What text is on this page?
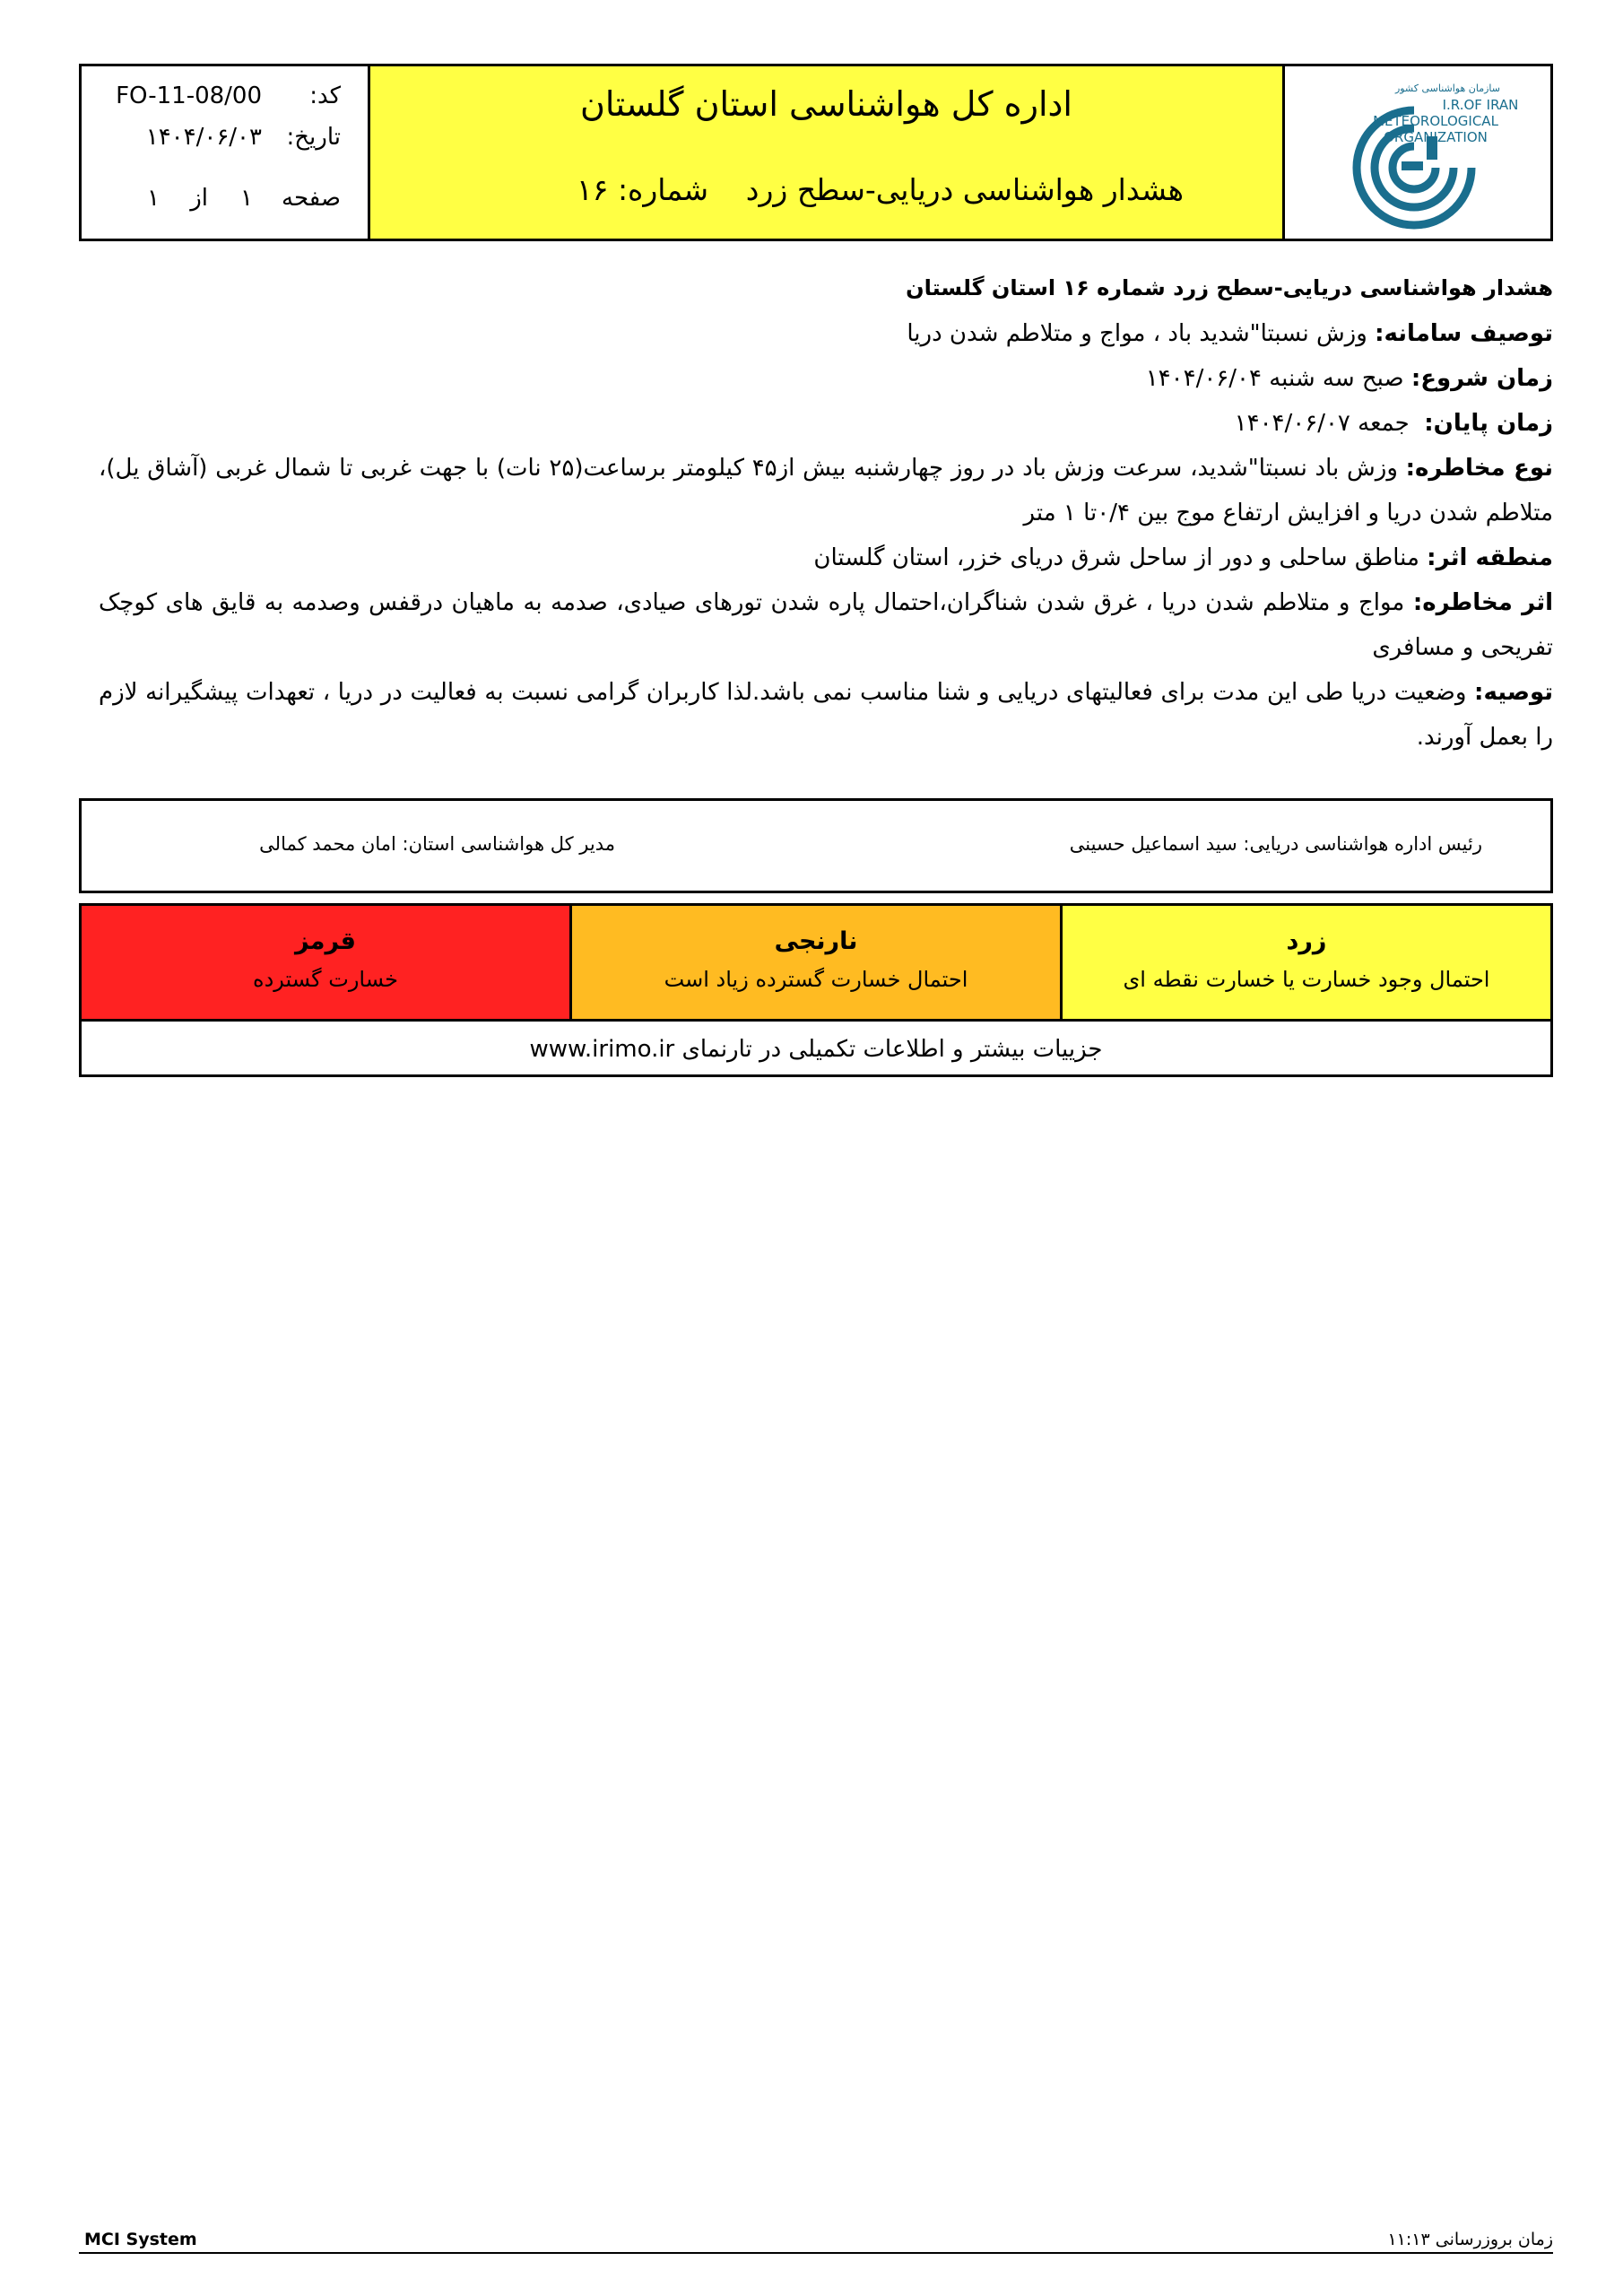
کد:
FO-11-08/00
تاریخ:
۱۴۰۴/۰۶/۰۳
صفحه
۱
از
۱
اداره کل هواشناسی استان گلستان
هشدار هواشناسی دریایی-سطح زرد
شماره: ۱۶
سازمان هواشناسی کشور
I.R.OF IRAN
METEOROLOGICAL
ORGANIZATION
هشدار هواشناسی دریایی-سطح زرد شماره ۱۶ استان گلستان

توصیف سامانه: وزش نسبتا"شدید باد ، مواج و متلاطم شدن دریا

زمان شروع: صبح سه شنبه ۱۴۰۴/۰۶/۰۴

زمان پایان:  جمعه ۱۴۰۴/۰۶/۰۷

نوع مخاطره: وزش باد نسبتا"شدید، سرعت وزش باد در روز چهارشنبه بیش از۴۵ کیلومتر برساعت(۲۵ نات) با جهت غربی تا شمال غربی (آشاق یل)، متلاطم شدن دریا و افزایش ارتفاع موج بین ۰/۴تا ۱ متر

منطقه اثر: مناطق ساحلی و دور از ساحل شرق دریای خزر، استان گلستان

اثر مخاطره: مواج و متلاطم شدن دریا ، غرق شدن شناگران،احتمال پاره شدن تورهای صیادی، صدمه به ماهیان درقفس وصدمه به قایق های کوچک تفریحی و مسافری

توصیه: وضعیت دریا طی این مدت برای فعالیتهای دریایی و شنا مناسب نمی باشد.لذا کاربران گرامی نسبت به فعالیت در دریا ، تعهدات پیشگیرانه لازم را بعمل آورند.

رئیس اداره هواشناسی دریایی: سید اسماعیل حسینی
مدیر کل هواشناسی استان: امان محمد کمالی
زرد
احتمال وجود خسارت یا خسارت نقطه ای
نارنجی
احتمال خسارت گسترده زیاد است
قرمز
خسارت گسترده
جزییات بیشتر و اطلاعات تکمیلی در تارنمای www.irimo.ir
MCI System	زمان بروزرسانی ۱۱:۱۳
